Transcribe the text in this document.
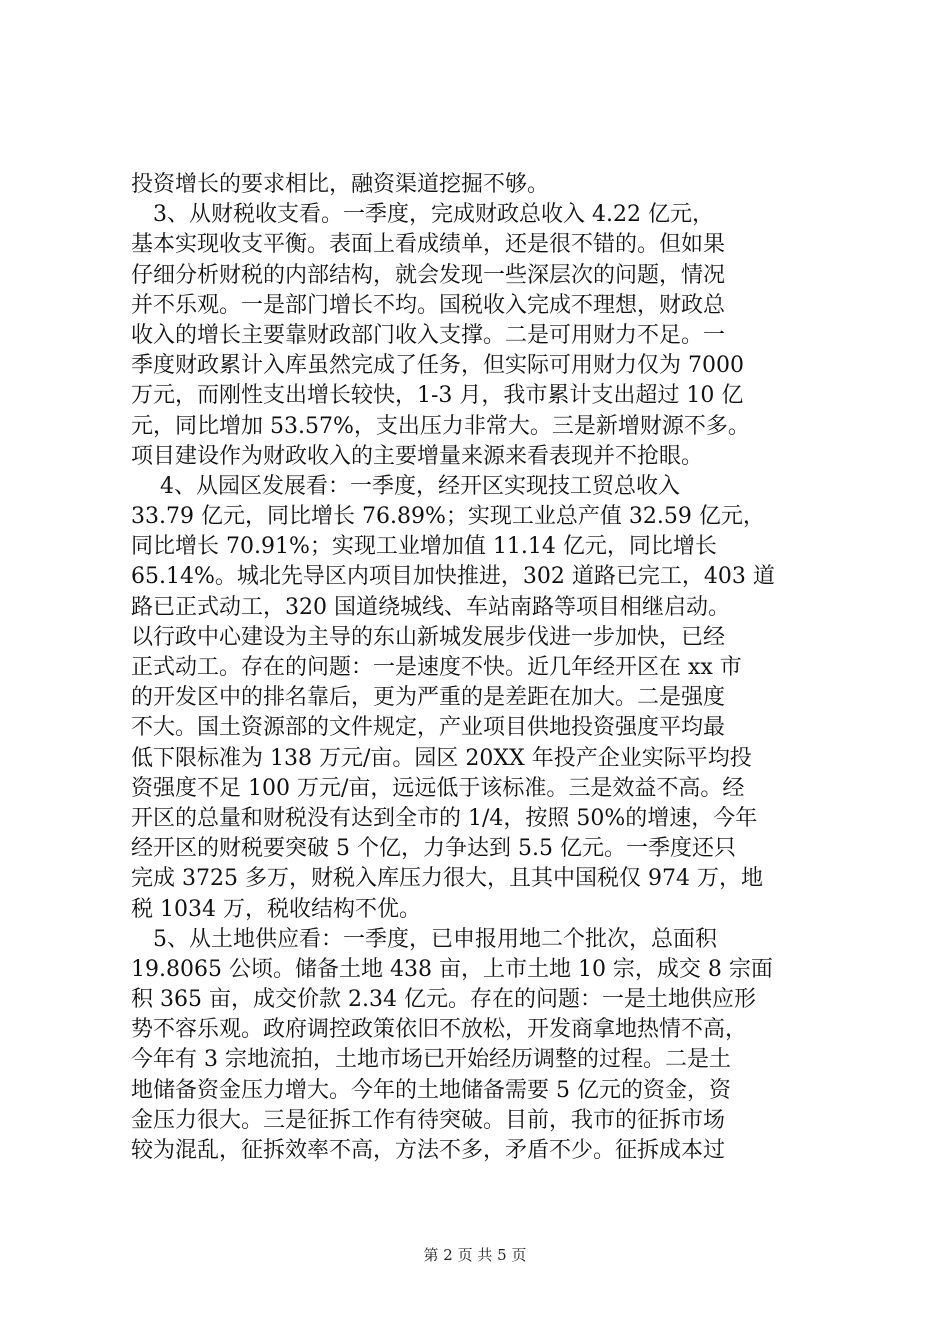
投资增长的要求相比，融资渠道挖掘不够。
　3、从财税收支看。一季度，完成财政总收入 4.22 亿元，
基本实现收支平衡。表面上看成绩单，还是很不错的。但如果
仔细分析财税的内部结构，就会发现一些深层次的问题，情况
并不乐观。一是部门增长不均。国税收入完成不理想，财政总
收入的增长主要靠财政部门收入支撑。二是可用财力不足。一
季度财政累计入库虽然完成了任务，但实际可用财力仅为 7000
万元，而刚性支出增长较快，1-3 月，我市累计支出超过 10 亿
元，同比增加 53.57%，支出压力非常大。三是新增财源不多。
项目建设作为财政收入的主要增量来源来看表现并不抢眼。
　 4、从园区发展看：一季度，经开区实现技工贸总收入
33.79 亿元，同比增长 76.89%；实现工业总产值 32.59 亿元，
同比增长 70.91%；实现工业增加值 11.14 亿元，同比增长
65.14%。城北先导区内项目加快推进，302 道路已完工，403 道
路已正式动工，320 国道绕城线、车站南路等项目相继启动。
以行政中心建设为主导的东山新城发展步伐进一步加快，已经
正式动工。存在的问题：一是速度不快。近几年经开区在 xx 市
的开发区中的排名靠后，更为严重的是差距在加大。二是强度
不大。国土资源部的文件规定，产业项目供地投资强度平均最
低下限标准为 138 万元/亩。园区 20XX 年投产企业实际平均投
资强度不足 100 万元/亩，远远低于该标准。三是效益不高。经
开区的总量和财税没有达到全市的 1/4，按照 50%的增速，今年
经开区的财税要突破 5 个亿，力争达到 5.5 亿元。一季度还只
完成 3725 多万，财税入库压力很大，且其中国税仅 974 万，地
税 1034 万，税收结构不优。
　5、从土地供应看：一季度，已申报用地二个批次，总面积
19.8065 公顷。储备土地 438 亩，上市土地 10 宗，成交 8 宗面
积 365 亩，成交价款 2.34 亿元。存在的问题：一是土地供应形
势不容乐观。政府调控政策依旧不放松，开发商拿地热情不高，
今年有 3 宗地流拍，土地市场已开始经历调整的过程。二是土
地储备资金压力增大。今年的土地储备需要 5 亿元的资金，资
金压力很大。三是征拆工作有待突破。目前，我市的征拆市场
较为混乱，征拆效率不高，方法不多，矛盾不少。征拆成本过
第 2 页 共 5 页
